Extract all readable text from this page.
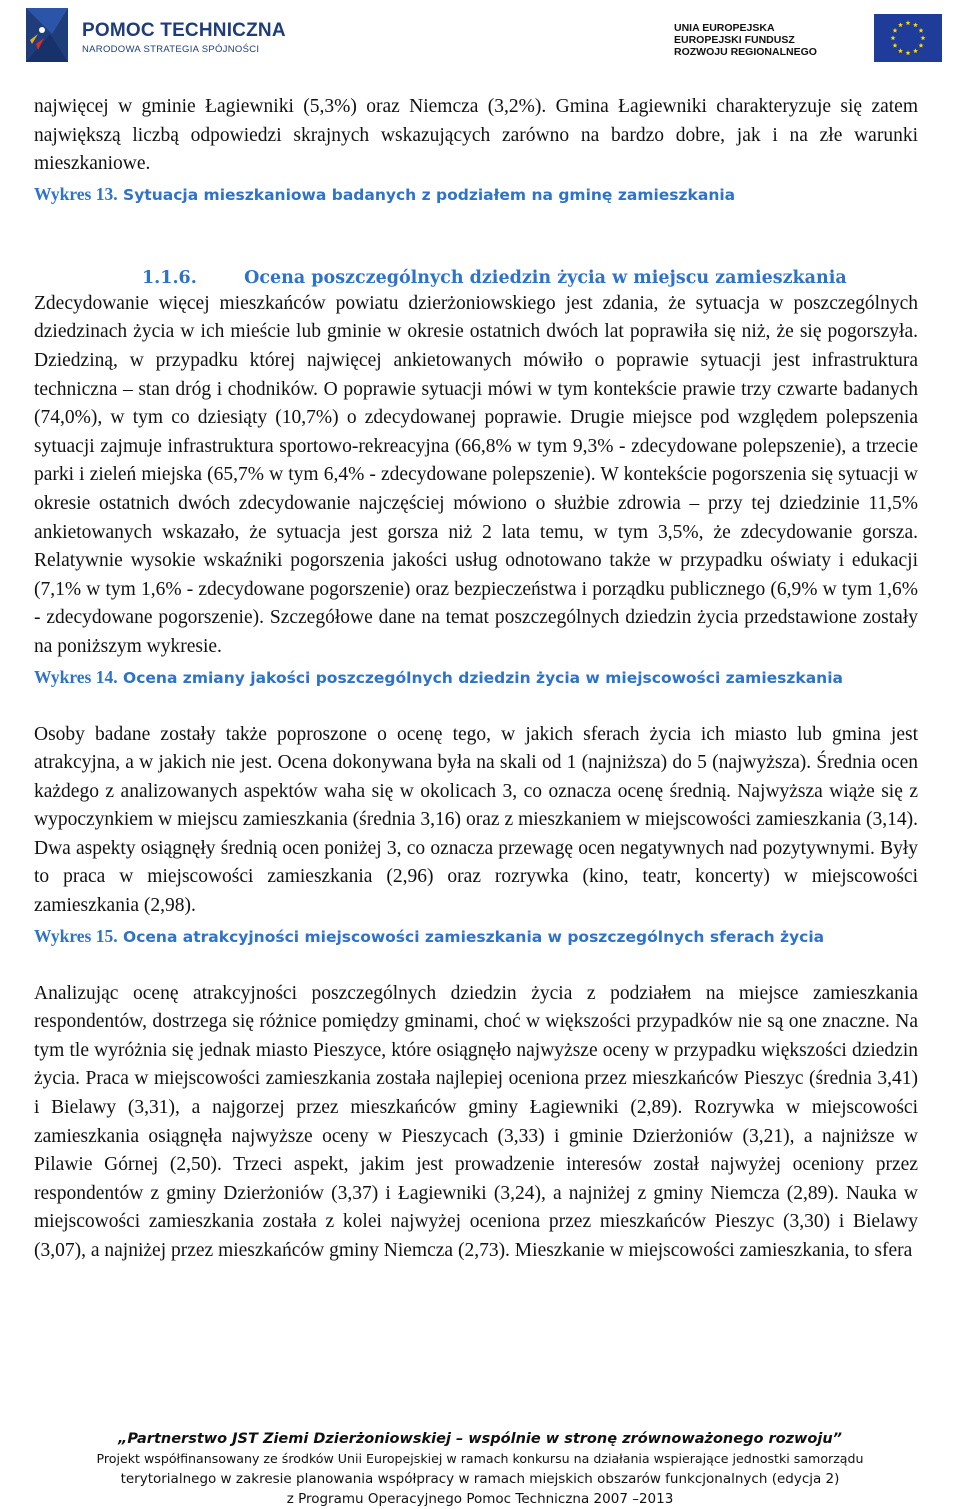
POMOC TECHNICZNA
NARODOWA STRATEGIA SPÓJNOŚCI
UNIA EUROPEJSKA
EUROPEJSKI FUNDUSZ
ROZWOJU REGIONALNEGO

najwięcej w gminie Łagiewniki (5,3%) oraz Niemcza (3,2%). Gmina Łagiewniki charakteryzuje się zatem największą liczbą odpowiedzi skrajnych wskazujących zarówno na bardzo dobre, jak i na złe warunki mieszkaniowe.

Wykres 13. Sytuacja mieszkaniowa badanych z podziałem na gminę zamieszkania

1.1.6.	Ocena poszczególnych dziedzin życia w miejscu zamieszkania

Zdecydowanie więcej mieszkańców powiatu dzierżoniowskiego jest zdania, że sytuacja w poszczególnych dziedzinach życia w ich mieście lub gminie w okresie ostatnich dwóch lat poprawiła się niż, że się pogorszyła. Dziedziną, w przypadku której najwięcej ankietowanych mówiło o poprawie sytuacji jest infrastruktura techniczna – stan dróg i chodników. O poprawie sytuacji mówi w tym kontekście prawie trzy czwarte badanych (74,0%), w tym co dziesiąty (10,7%) o zdecydowanej poprawie. Drugie miejsce pod względem polepszenia sytuacji zajmuje infrastruktura sportowo-rekreacyjna (66,8% w tym 9,3% - zdecydowane polepszenie), a trzecie parki i zieleń miejska (65,7% w tym 6,4% - zdecydowane polepszenie). W kontekście pogorszenia się sytuacji w okresie ostatnich dwóch zdecydowanie najczęściej mówiono o służbie zdrowia – przy tej dziedzinie 11,5% ankietowanych wskazało, że sytuacja jest gorsza niż 2 lata temu, w tym 3,5%, że zdecydowanie gorsza. Relatywnie wysokie wskaźniki pogorszenia jakości usług odnotowano także w przypadku oświaty i edukacji (7,1% w tym 1,6% - zdecydowane pogorszenie) oraz bezpieczeństwa i porządku publicznego (6,9% w tym 1,6% - zdecydowane pogorszenie). Szczegółowe dane na temat poszczególnych dziedzin życia przedstawione zostały na poniższym wykresie.

Wykres 14. Ocena zmiany jakości poszczególnych dziedzin życia w miejscowości zamieszkania

Osoby badane zostały także poproszone o ocenę tego, w jakich sferach życia ich miasto lub gmina jest atrakcyjna, a w jakich nie jest. Ocena dokonywana była na skali od 1 (najniższa) do 5 (najwyższa). Średnia ocen każdego z analizowanych aspektów waha się w okolicach 3, co oznacza ocenę średnią. Najwyższa wiąże się z wypoczynkiem w miejscu zamieszkania (średnia 3,16) oraz z mieszkaniem w miejscowości zamieszkania (3,14). Dwa aspekty osiągnęły średnią ocen poniżej 3, co oznacza przewagę ocen negatywnych nad pozytywnymi. Były to praca w miejscowości zamieszkania (2,96) oraz rozrywka (kino, teatr, koncerty) w miejscowości zamieszkania (2,98).

Wykres 15. Ocena atrakcyjności miejscowości zamieszkania w poszczególnych sferach życia

Analizując ocenę atrakcyjności poszczególnych dziedzin życia z podziałem na miejsce zamieszkania respondentów, dostrzega się różnice pomiędzy gminami, choć w większości przypadków nie są one znaczne. Na tym tle wyróżnia się jednak miasto Pieszyce, które osiągnęło najwyższe oceny w przypadku większości dziedzin życia. Praca w miejscowości zamieszkania została najlepiej oceniona przez mieszkańców Pieszyc (średnia 3,41) i Bielawy (3,31), a najgorzej przez mieszkańców gminy Łagiewniki (2,89). Rozrywka w miejscowości zamieszkania osiągnęła najwyższe oceny w Pieszycach (3,33) i gminie Dzierżoniów (3,21), a najniższe w Pilawie Górnej (2,50). Trzeci aspekt, jakim jest prowadzenie interesów został najwyżej oceniony przez respondentów z gminy Dzierżoniów (3,37) i Łagiewniki (3,24), a najniżej z gminy Niemcza (2,89). Nauka w miejscowości zamieszkania została z kolei najwyżej oceniona przez mieszkańców Pieszyc (3,30) i Bielawy (3,07), a najniżej przez mieszkańców gminy Niemcza (2,73). Mieszkanie w miejscowości zamieszkania, to sfera

„Partnerstwo JST Ziemi Dzierżoniowskiej – wspólnie w stronę zrównoważonego rozwoju”
Projekt współfinansowany ze środków Unii Europejskiej w ramach konkursu na działania wspierające jednostki samorządu
terytorialnego w zakresie planowania współpracy w ramach miejskich obszarów funkcjonalnych (edycja 2)
z Programu Operacyjnego Pomoc Techniczna 2007 –2013
